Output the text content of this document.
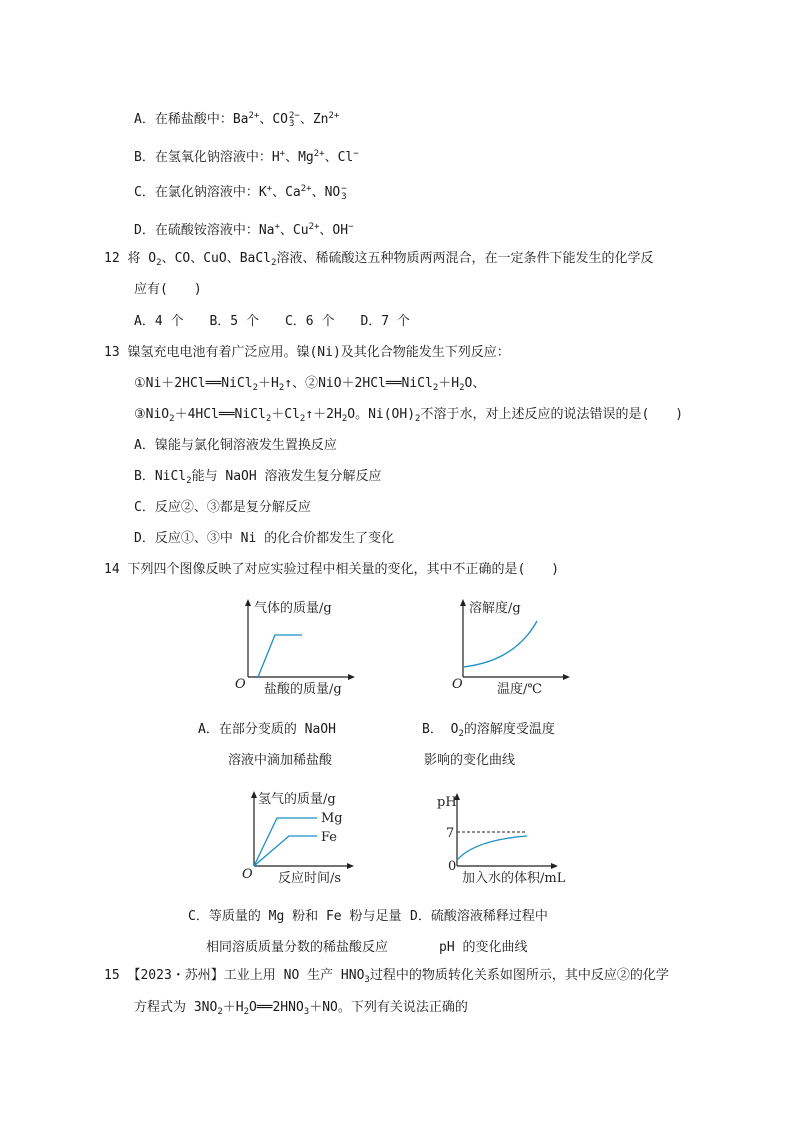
A．在稀盐酸中：$Ba^{2+}$、CO2−
3 、$Zn^{2+}$
B．在氢氧化钠溶液中：H+、$Mg^{2+}$、Cl−
C．在氯化钠溶液中：K+、$Ca^{2+}$、NO−
3
D．在硫酸铵溶液中：Na+、$Cu^{2+}$、OH−
12 将 $O_2$、CO、CuO、BaCl$_2$溶液、稀硫酸这五种物质两两混合，在一定条件下能发生的化学反
应有(　　)
A．4 个　　B．5 个　　C．6 个　　D．7 个
13 镍氢充电电池有着广泛应用。镍(Ni)及其化合物能发生下列反应：
$①Ni+2HCl══NiCl_2+H_2↑$、$②NiO+2HCl══NiCl_2+H_2O$、
$③NiO_2+4HCl══NiCl_2+Cl_2↑+2H_2O$。$Ni(OH)_2$不溶于水，对上述反应的说法错误的是(　　)
A．镍能与氯化铜溶液发生置换反应
B．NiCl$_2$能与 NaOH 溶液发生复分解反应
C．反应②、③都是复分解反应
D．反应①、③中 Ni 的化合价都发生了变化
14 下列四个图像反映了对应实验过程中相关量的变化，其中不正确的是(　　)
气体的质量/g
O 盐酸的质量/g
溶解度/g
O	温度/℃
A．在部分变质的 NaOH
溶液中滴加稀盐酸
B． $O_2$的溶解度受温度
影响的变化曲线
氢气的质量/g
Mg
Fe
O 反应时间/s
pH
7
0
加入水的体积/mL
C．等质量的 Mg 粉和 Fe 粉与足量
相同溶质质量分数的稀盐酸反应
D．硫酸溶液稀释过程中
pH 的变化曲线
15 【2023・苏州】工业上用 NO 生产 $HNO_3$过程中的物质转化关系如图所示，其中反应②的化学
方程式为 $3NO_2+H_2O══2HNO_3+NO$。下列有关说法正确的
